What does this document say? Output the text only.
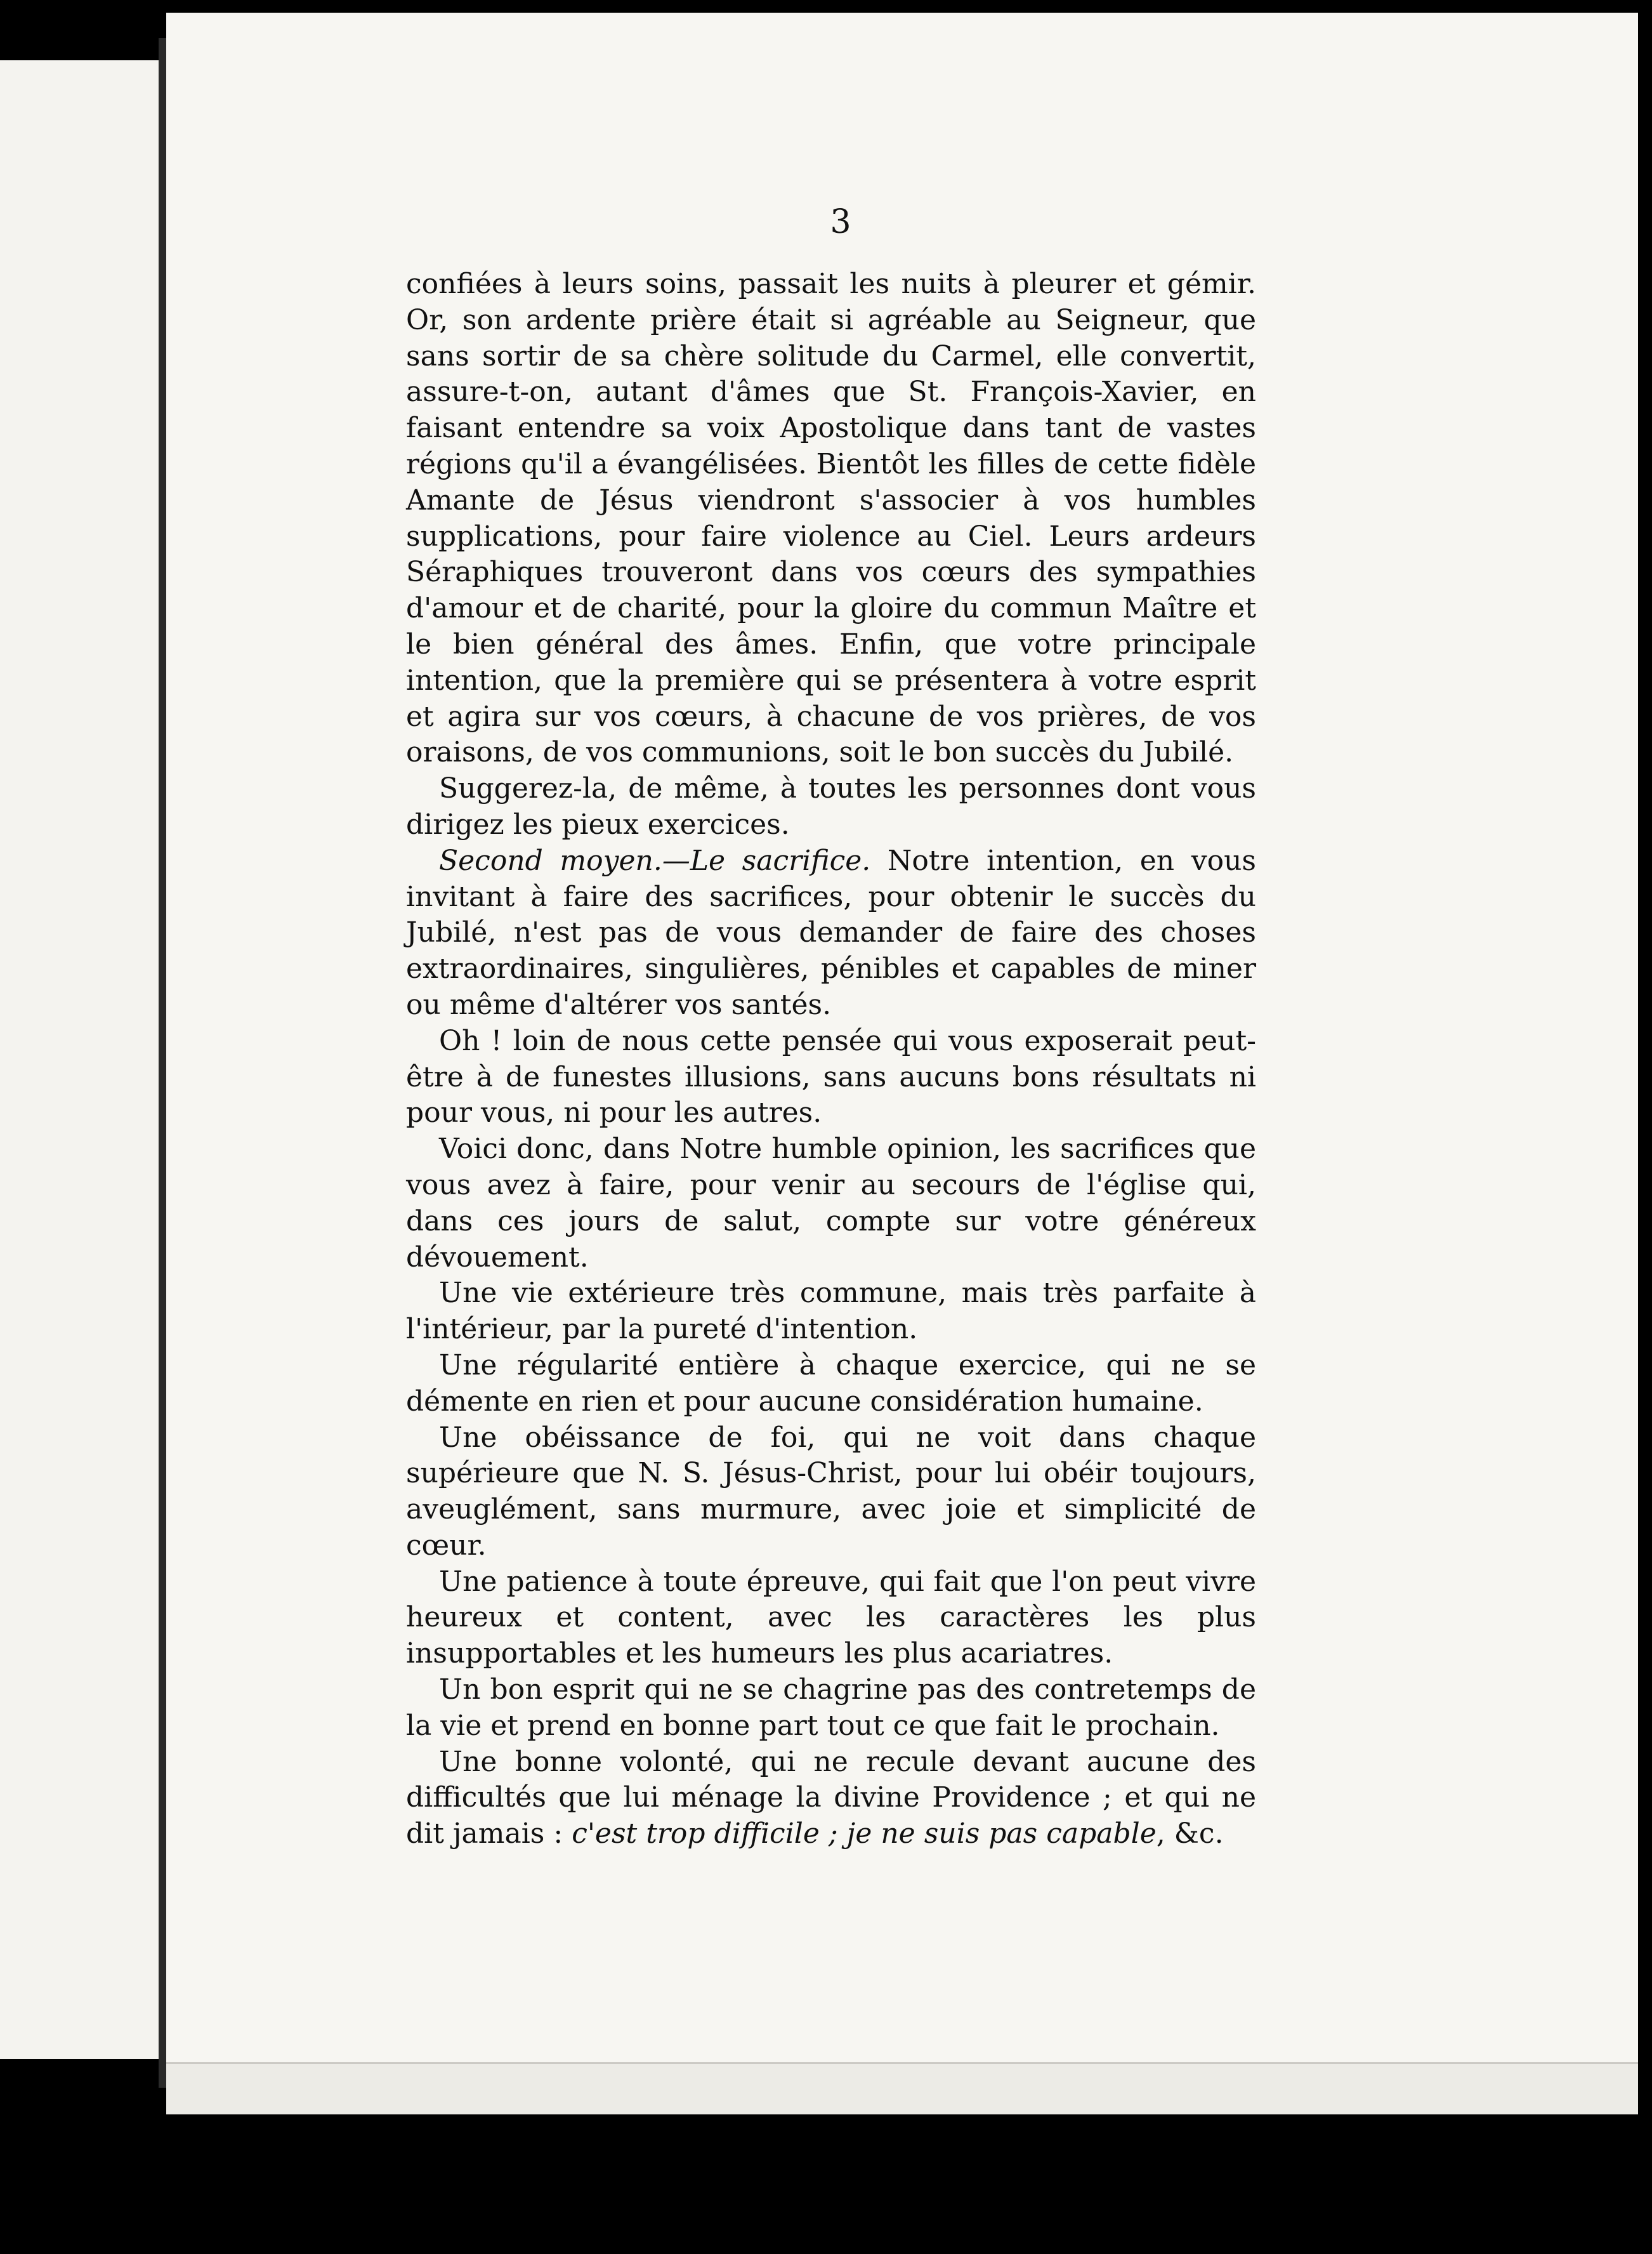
3

confiées à leurs soins, passait les nuits à pleurer et gémir. Or, son ardente prière était si agréable au Seigneur, que sans sortir de sa chère solitude du Carmel, elle convertit, assure-t-on, autant d'âmes que St. François-Xavier, en faisant entendre sa voix Apostolique dans tant de vastes régions qu'il a évangélisées. Bientôt les filles de cette fidèle Amante de Jésus viendront s'associer à vos humbles supplications, pour faire violence au Ciel. Leurs ardeurs Séraphiques trouveront dans vos cœurs des sympathies d'amour et de charité, pour la gloire du commun Maître et le bien général des âmes. Enfin, que votre principale intention, que la première qui se présentera à votre esprit et agira sur vos cœurs, à chacune de vos prières, de vos oraisons, de vos communions, soit le bon succès du Jubilé.

Suggerez-la, de même, à toutes les personnes dont vous dirigez les pieux exercices.

Second moyen.—Le sacrifice. Notre intention, en vous invitant à faire des sacrifices, pour obtenir le succès du Jubilé, n'est pas de vous demander de faire des choses extraordinaires, singulières, pénibles et capables de miner ou même d'altérer vos santés.

Oh ! loin de nous cette pensée qui vous exposerait peut-être à de funestes illusions, sans aucuns bons résultats ni pour vous, ni pour les autres.

Voici donc, dans Notre humble opinion, les sacrifices que vous avez à faire, pour venir au secours de l'église qui, dans ces jours de salut, compte sur votre généreux dévouement.

Une vie extérieure très commune, mais très parfaite à l'intérieur, par la pureté d'intention.

Une régularité entière à chaque exercice, qui ne se démente en rien et pour aucune considération humaine.

Une obéissance de foi, qui ne voit dans chaque supérieure que N. S. Jésus-Christ, pour lui obéir toujours, aveuglément, sans murmure, avec joie et simplicité de cœur.

Une patience à toute épreuve, qui fait que l'on peut vivre heureux et content, avec les caractères les plus insupportables et les humeurs les plus acariatres.

Un bon esprit qui ne se chagrine pas des contretemps de la vie et prend en bonne part tout ce que fait le prochain.

Une bonne volonté, qui ne recule devant aucune des difficultés que lui ménage la divine Providence ; et qui ne dit jamais : c'est trop difficile ; je ne suis pas capable, &c.
